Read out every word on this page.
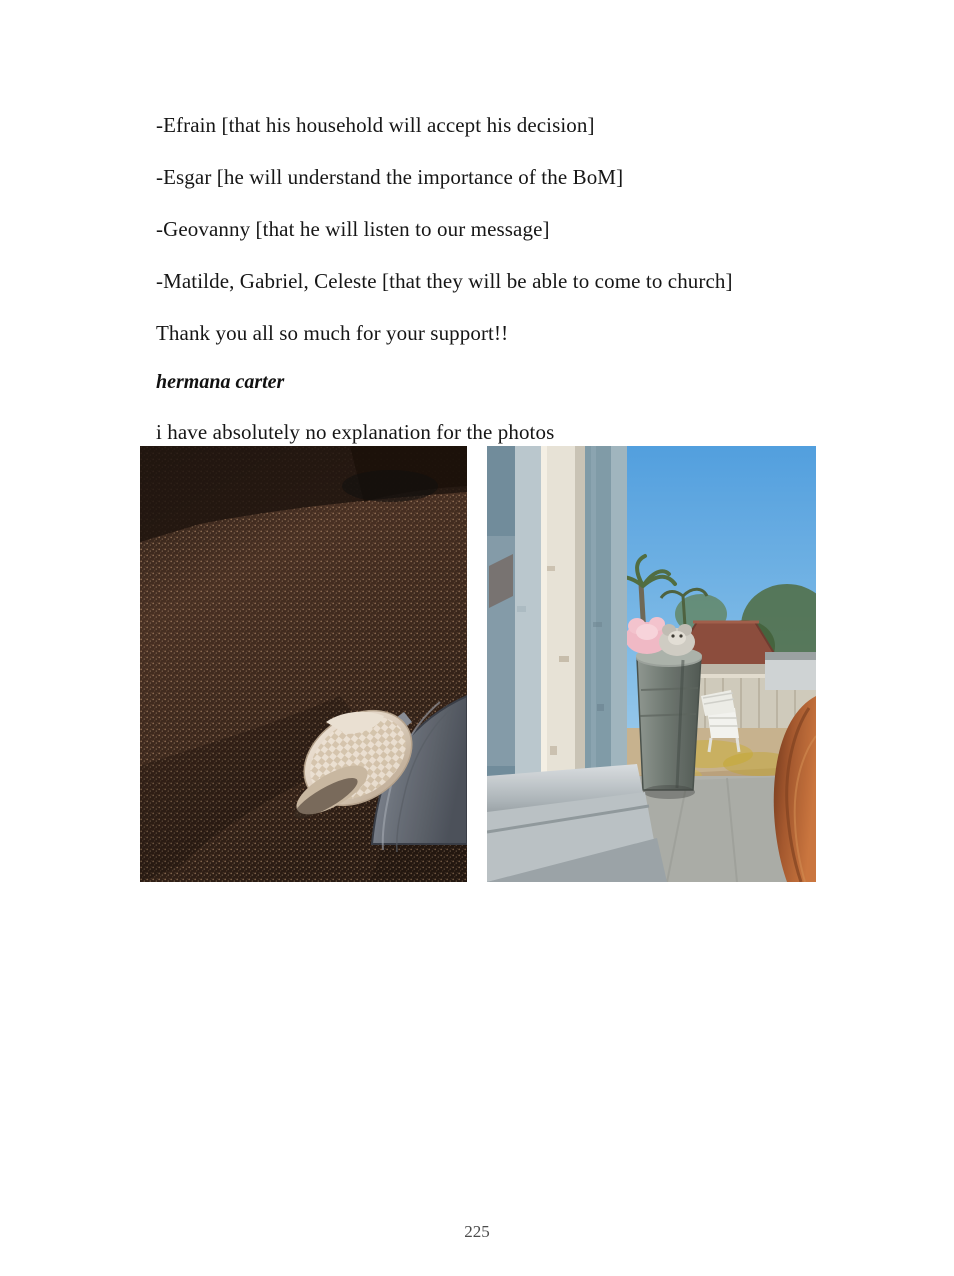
-Efrain [that his household will accept his decision]

-Esgar [he will understand the importance of the BoM]

-Geovanny [that he will listen to our message]

-Matilde, Gabriel, Celeste [that they will be able to come to church]

Thank you all so much for your support!!

hermana carter

i have absolutely no explanation for the photos

225
